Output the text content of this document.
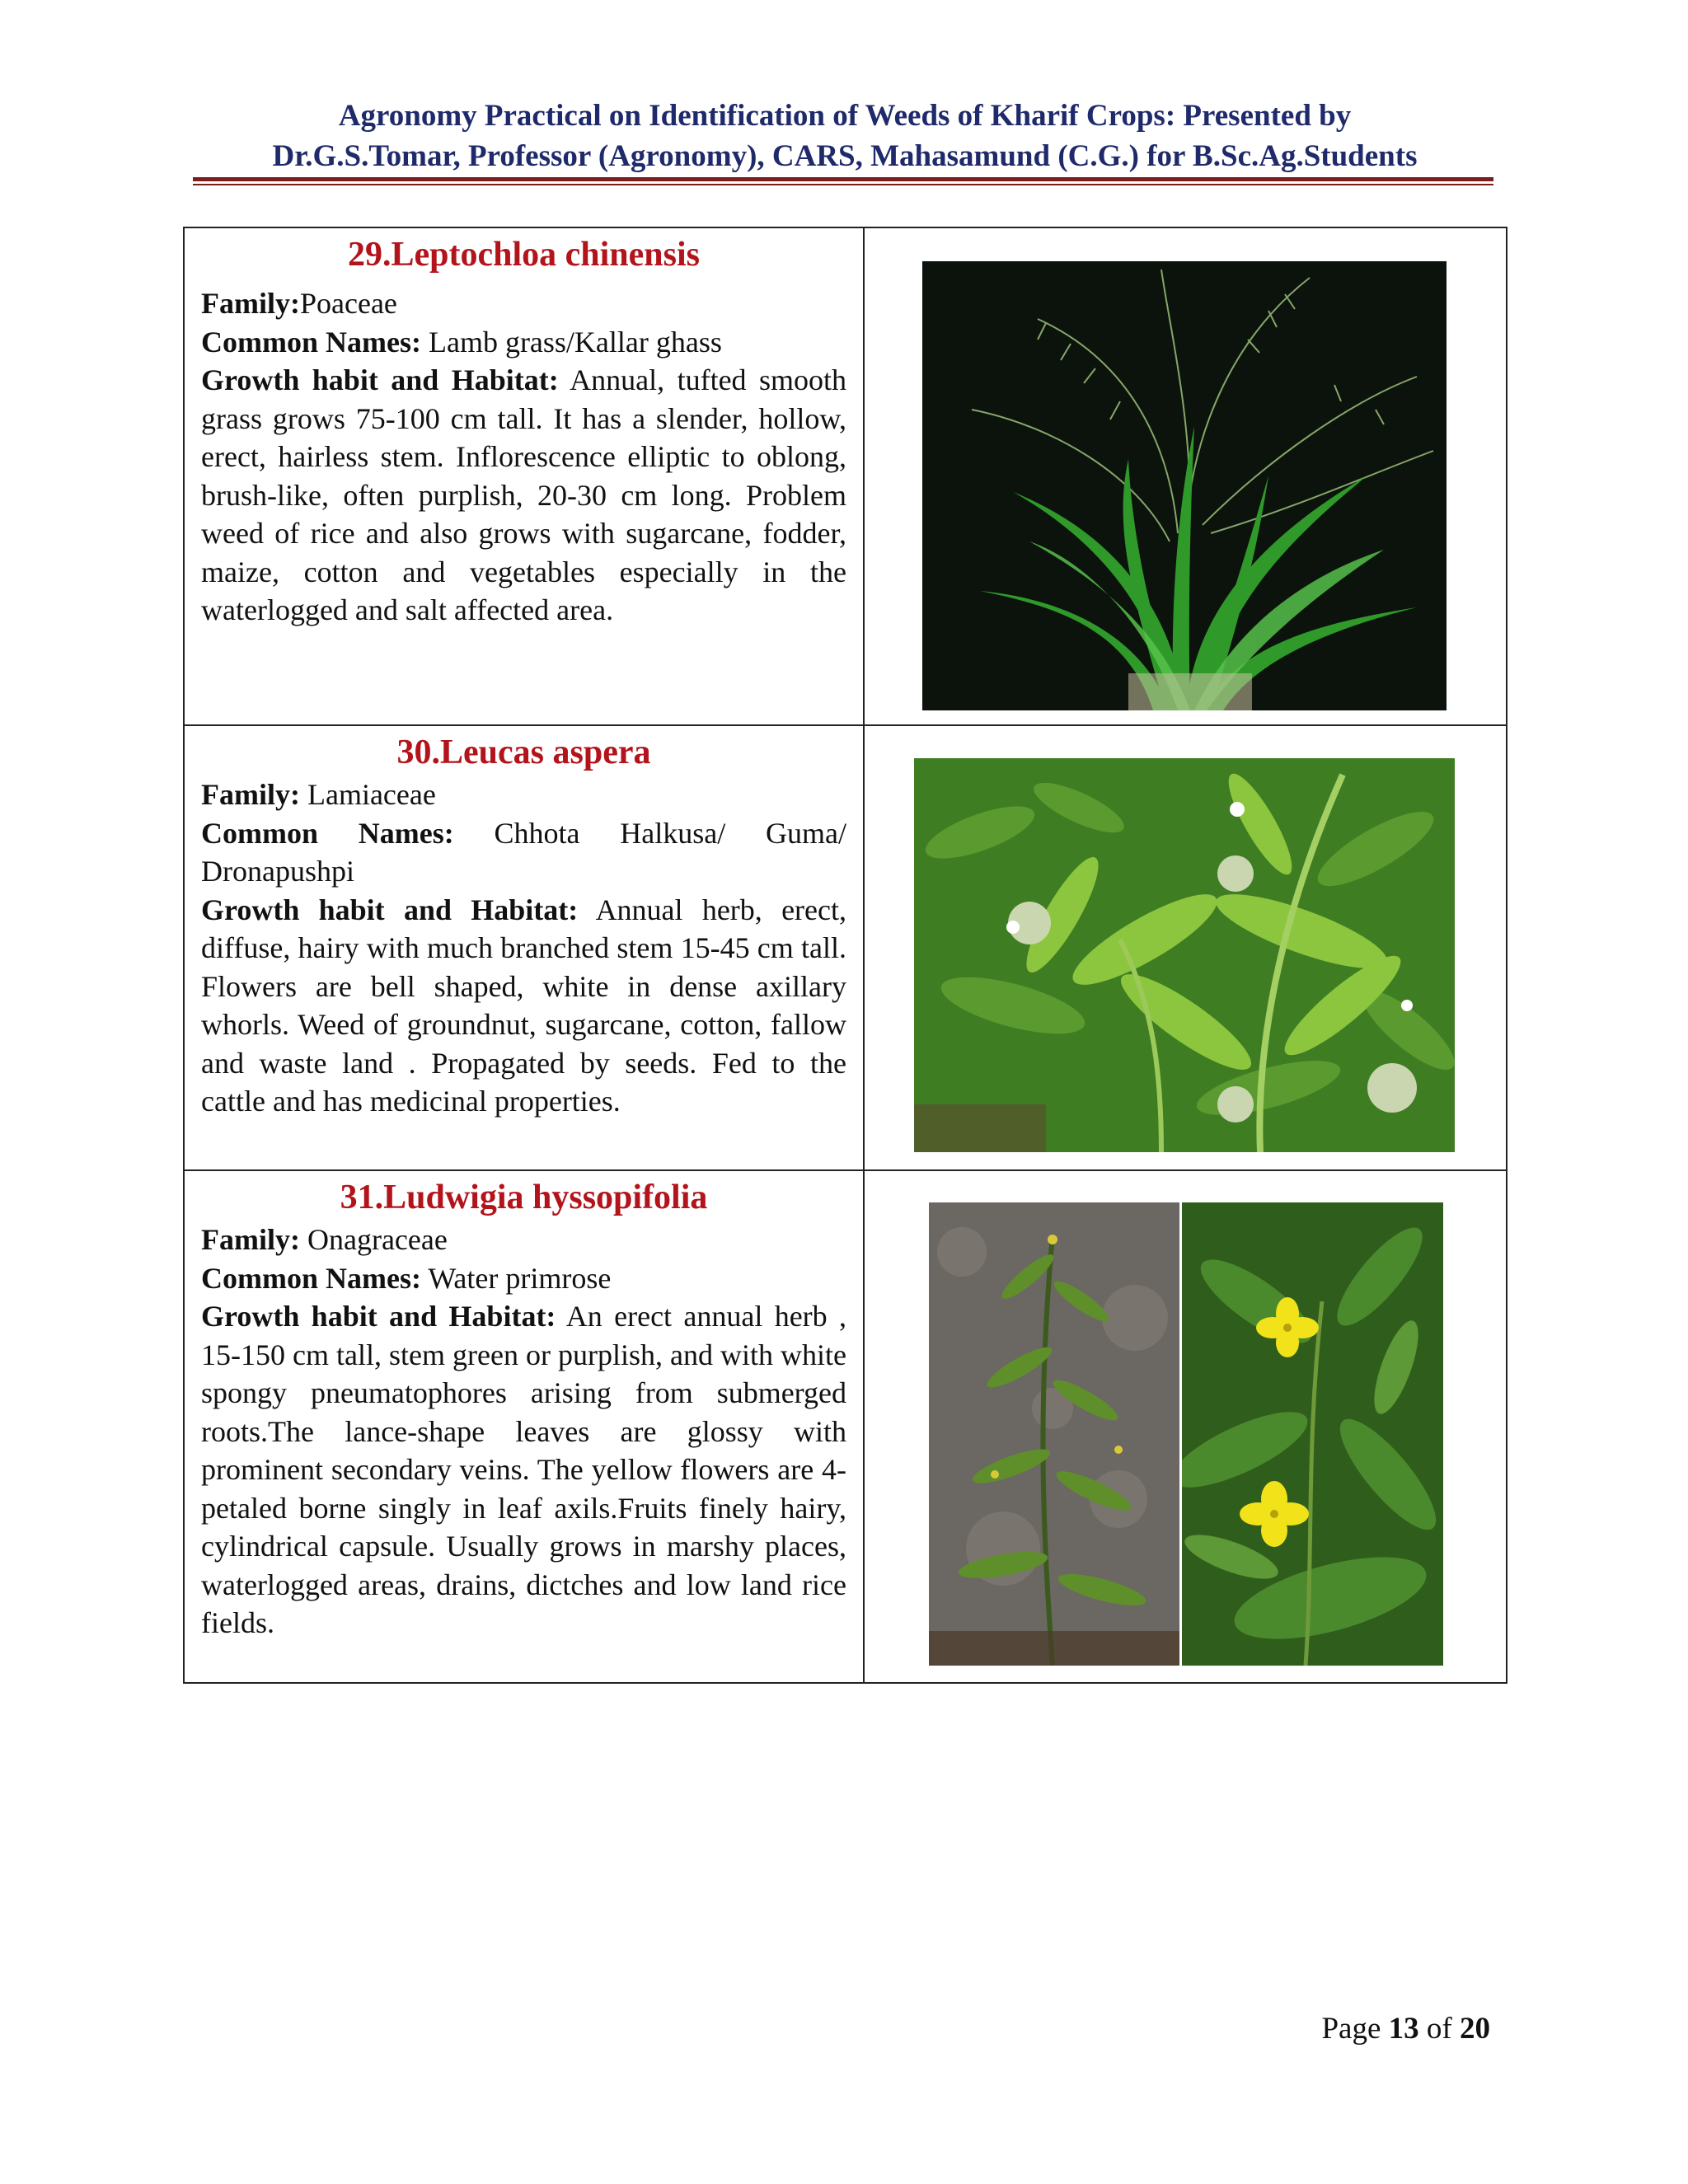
Agronomy Practical on Identification of Weeds of Kharif Crops: Presented by
Dr.G.S.Tomar, Professor (Agronomy), CARS, Mahasamund (C.G.) for B.Sc.Ag.Students
29.Leptochloa chinensis
Family:Poaceae
Common Names: Lamb grass/Kallar ghass
Growth habit and Habitat: Annual, tufted smooth grass grows 75-100 cm tall. It has a slender, hollow, erect, hairless stem. Inflorescence elliptic to oblong, brush-like, often purplish, 20-30 cm long. Problem weed of rice and also grows with sugarcane, fodder, maize, cotton and vegetables especially in the waterlogged and salt affected area.

30.Leucas aspera
Family: Lamiaceae
Common Names: Chhota Halkusa/ Guma/ Dronapushpi
Growth habit and Habitat: Annual herb, erect, diffuse, hairy with much branched stem 15-45 cm tall. Flowers are bell shaped, white in dense axillary whorls. Weed of groundnut, sugarcane, cotton, fallow and waste land . Propagated by seeds. Fed to the cattle and has medicinal properties.

31.Ludwigia hyssopifolia
Family: Onagraceae
Common Names: Water primrose
Growth habit and Habitat: An erect annual herb , 15-150 cm tall, stem green or purplish, and with white spongy pneumatophores arising from submerged roots.The lance-shape leaves are glossy with prominent secondary veins. The yellow flowers are 4-petaled borne singly in leaf axils.Fruits finely hairy, cylindrical capsule. Usually grows in marshy places, waterlogged areas, drains, dictches and low land rice fields.

Page 13 of 20
